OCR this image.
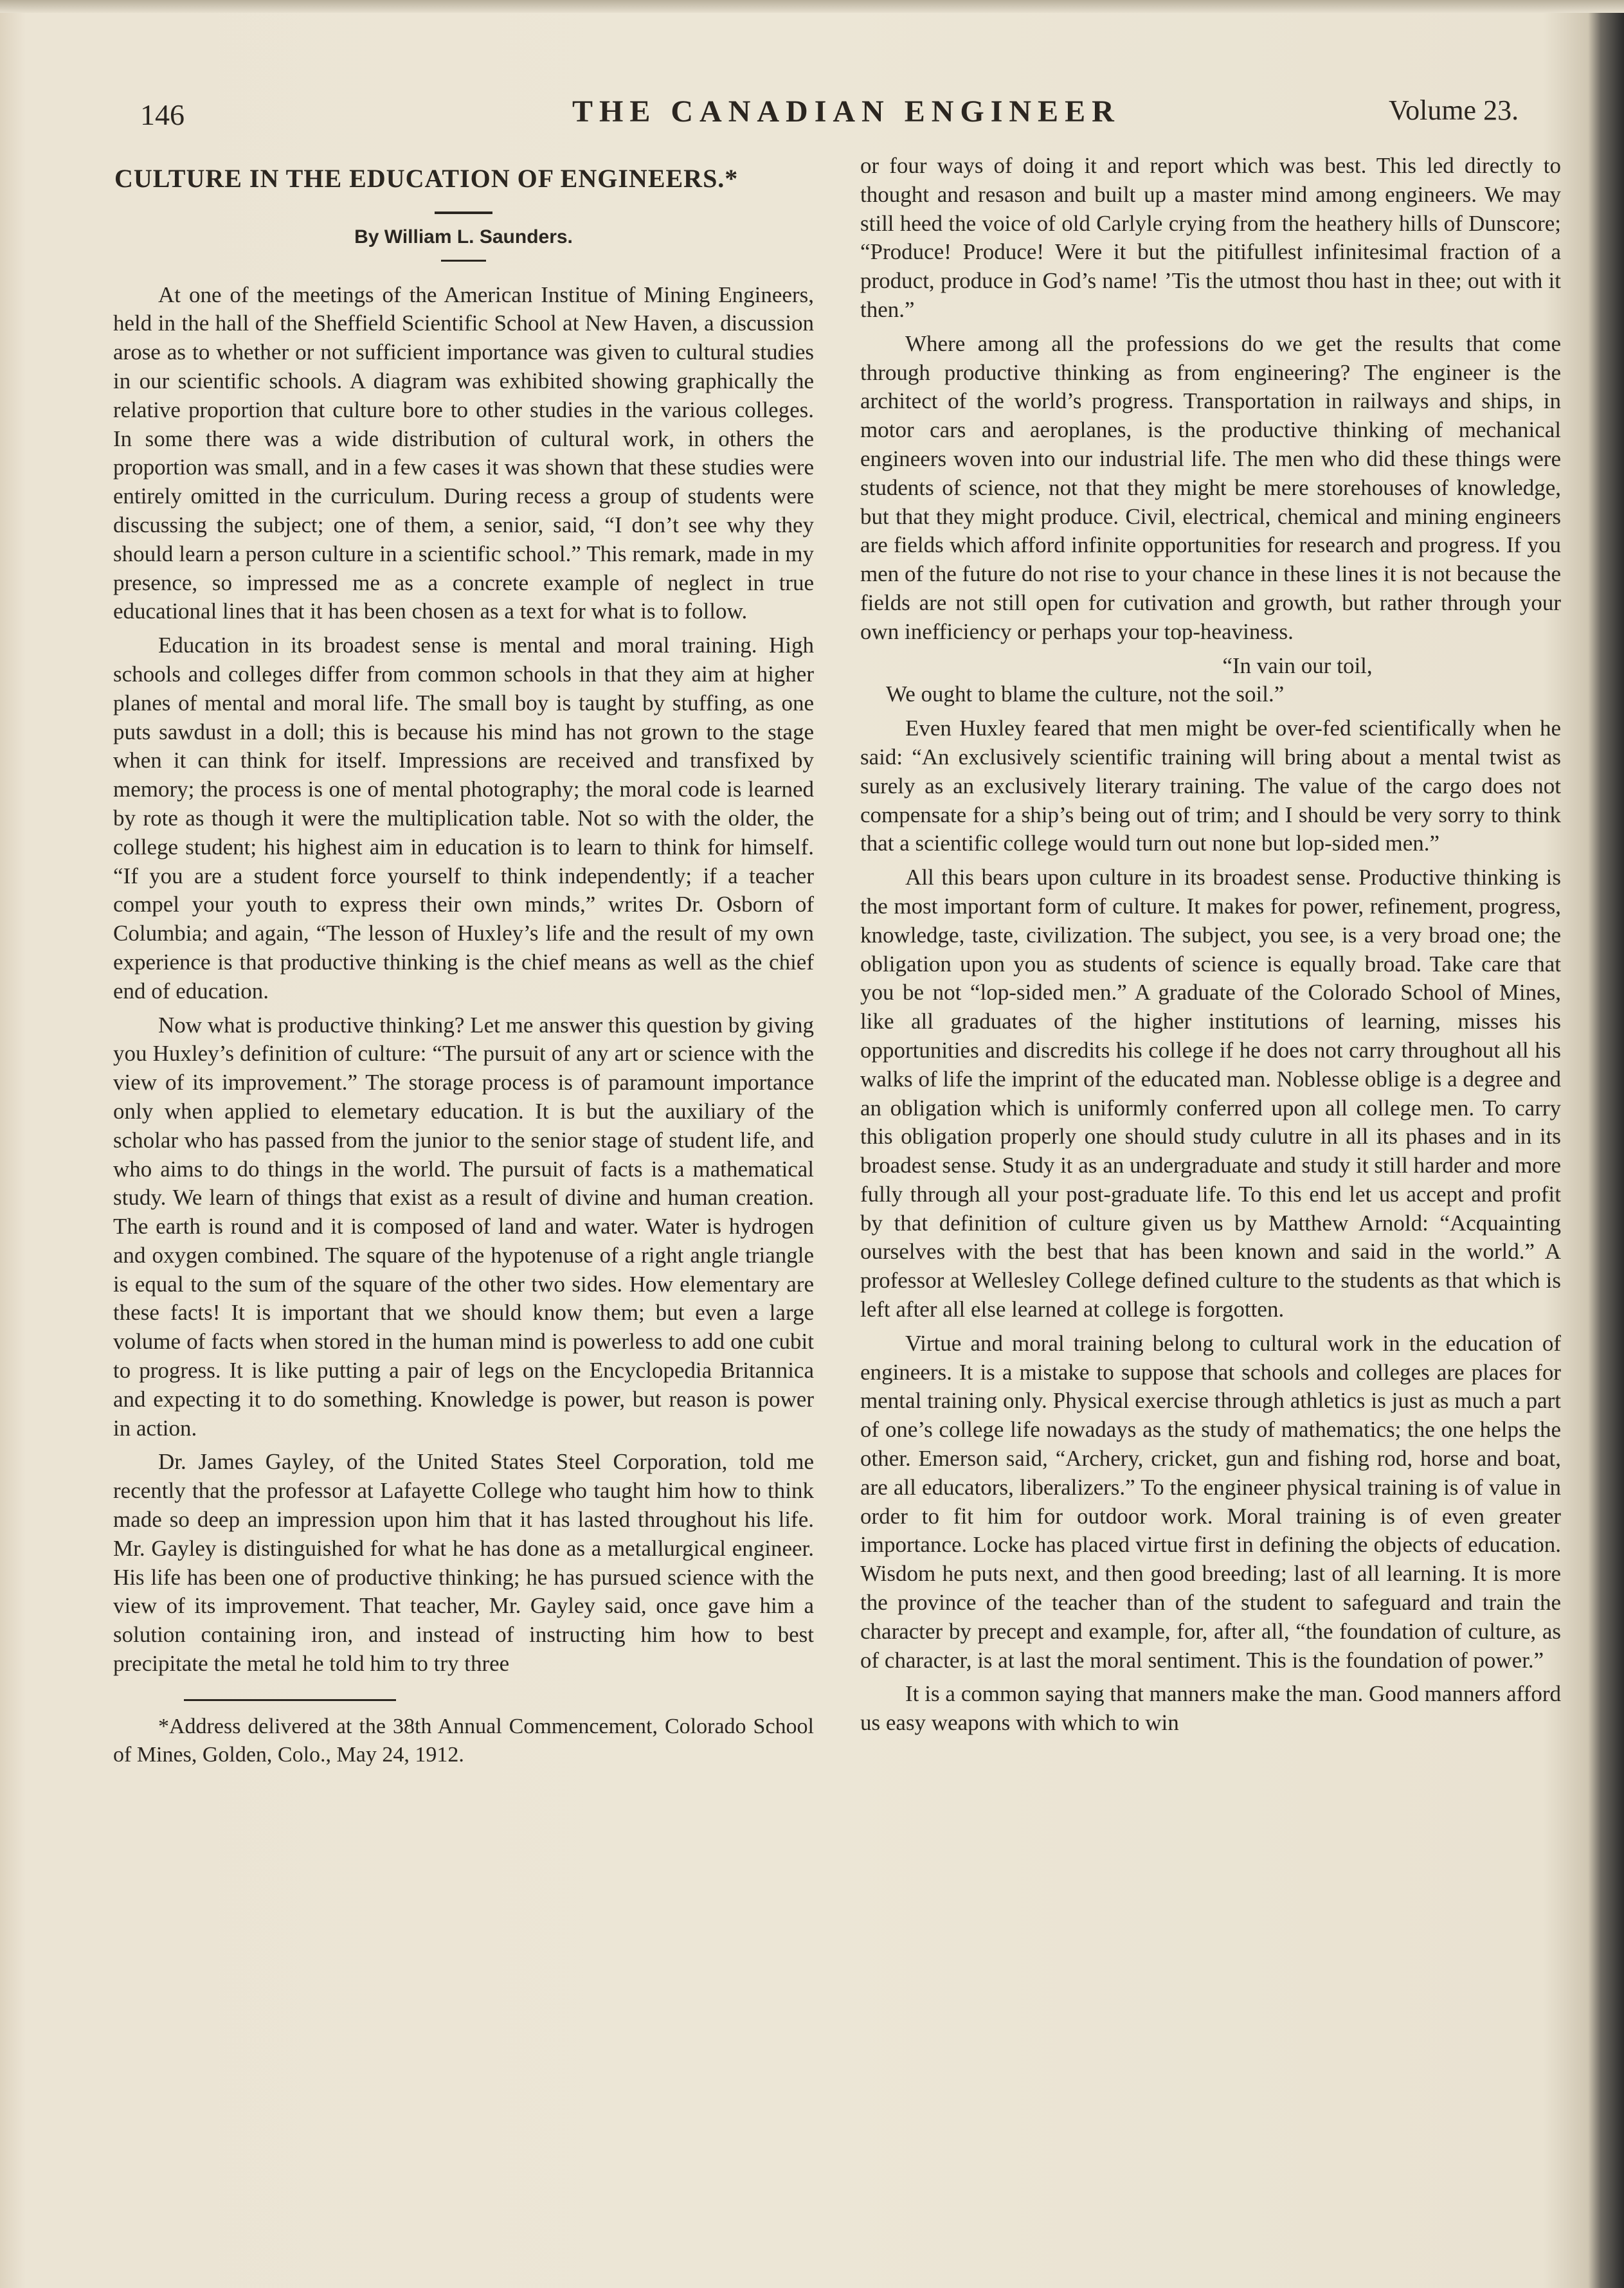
146	THE CANADIAN ENGINEER	Volume 23.
CULTURE IN THE EDUCATION OF ENGINEERS.*
By William L. Saunders.

At one of the meetings of the American Institue of Mining Engineers, held in the hall of the Sheffield Scientific School at New Haven, a discussion arose as to whether or not sufficient importance was given to cultural studies in our scientific schools. A diagram was exhibited showing graphically the relative proportion that culture bore to other studies in the various colleges. In some there was a wide distribution of cultural work, in others the proportion was small, and in a few cases it was shown that these studies were entirely omitted in the curriculum. During recess a group of students were discussing the subject; one of them, a senior, said, “I don’t see why they should learn a person culture in a scientific school.” This remark, made in my presence, so impressed me as a concrete example of neglect in true educational lines that it has been chosen as a text for what is to follow.

Education in its broadest sense is mental and moral training. High schools and colleges differ from common schools in that they aim at higher planes of mental and moral life. The small boy is taught by stuffing, as one puts sawdust in a doll; this is because his mind has not grown to the stage when it can think for itself. Impressions are received and transfixed by memory; the process is one of mental photography; the moral code is learned by rote as though it were the multiplication table. Not so with the older, the college student; his highest aim in education is to learn to think for himself. “If you are a student force yourself to think independently; if a teacher compel your youth to express their own minds,” writes Dr. Osborn of Columbia; and again, “The lesson of Huxley’s life and the result of my own experience is that productive thinking is the chief means as well as the chief end of education.

Now what is productive thinking? Let me answer this question by giving you Huxley’s definition of culture: “The pursuit of any art or science with the view of its improvement.” The storage process is of paramount importance only when applied to elemetary education. It is but the auxiliary of the scholar who has passed from the junior to the senior stage of student life, and who aims to do things in the world. The pursuit of facts is a mathematical study. We learn of things that exist as a result of divine and human creation. The earth is round and it is composed of land and water. Water is hydrogen and oxygen combined. The square of the hypotenuse of a right angle triangle is equal to the sum of the square of the other two sides. How elementary are these facts! It is important that we should know them; but even a large volume of facts when stored in the human mind is powerless to add one cubit to progress. It is like putting a pair of legs on the Encyclopedia Britannica and expecting it to do something. Knowledge is power, but reason is power in action.

Dr. James Gayley, of the United States Steel Corporation, told me recently that the professor at Lafayette College who taught him how to think made so deep an impression upon him that it has lasted throughout his life. Mr. Gayley is distinguished for what he has done as a metallurgical engineer. His life has been one of productive thinking; he has pursued science with the view of its improvement. That teacher, Mr. Gayley said, once gave him a solution containing iron, and instead of instructing him how to best precipitate the metal he told him to try three

*Address delivered at the 38th Annual Commencement, Colorado School of Mines, Golden, Colo., May 24, 1912.

or four ways of doing it and report which was best. This led directly to thought and resason and built up a master mind among engineers. We may still heed the voice of old Carlyle crying from the heathery hills of Dunscore; “Produce! Produce! Were it but the pitifullest infinitesimal fraction of a product, produce in God’s name! ’Tis the utmost thou hast in thee; out with it then.”

Where among all the professions do we get the results that come through productive thinking as from engineering? The engineer is the architect of the world’s progress. Transportation in railways and ships, in motor cars and aeroplanes, is the productive thinking of mechanical engineers woven into our industrial life. The men who did these things were students of science, not that they might be mere storehouses of knowledge, but that they might produce. Civil, electrical, chemical and mining engineers are fields which afford infinite opportunities for research and progress. If you men of the future do not rise to your chance in these lines it is not because the fields are not still open for cutivation and growth, but rather through your own inefficiency or perhaps your top-heaviness.

“In vain our toil,

We ought to blame the culture, not the soil.”

Even Huxley feared that men might be over-fed scientifically when he said: “An exclusively scientific training will bring about a mental twist as surely as an exclusively literary training. The value of the cargo does not compensate for a ship’s being out of trim; and I should be very sorry to think that a scientific college would turn out none but lop-sided men.”

All this bears upon culture in its broadest sense. Productive thinking is the most important form of culture. It makes for power, refinement, progress, knowledge, taste, civilization. The subject, you see, is a very broad one; the obligation upon you as students of science is equally broad. Take care that you be not “lop-sided men.” A graduate of the Colorado School of Mines, like all graduates of the higher institutions of learning, misses his opportunities and discredits his college if he does not carry throughout all his walks of life the imprint of the educated man. Noblesse oblige is a degree and an obligation which is uniformly conferred upon all college men. To carry this obligation properly one should study culutre in all its phases and in its broadest sense. Study it as an undergraduate and study it still harder and more fully through all your post-graduate life. To this end let us accept and profit by that definition of culture given us by Matthew Arnold: “Acquainting ourselves with the best that has been known and said in the world.” A professor at Wellesley College defined culture to the students as that which is left after all else learned at college is forgotten.

Virtue and moral training belong to cultural work in the education of engineers. It is a mistake to suppose that schools and colleges are places for mental training only. Physical exercise through athletics is just as much a part of one’s college life nowadays as the study of mathematics; the one helps the other. Emerson said, “Archery, cricket, gun and fishing rod, horse and boat, are all educators, liberalizers.” To the engineer physical training is of value in order to fit him for outdoor work. Moral training is of even greater importance. Locke has placed virtue first in defining the objects of education. Wisdom he puts next, and then good breeding; last of all learning. It is more the province of the teacher than of the student to safeguard and train the character by precept and example, for, after all, “the foundation of culture, as of character, is at last the moral sentiment. This is the foundation of power.”

It is a common saying that manners make the man. Good manners afford us easy weapons with which to win
